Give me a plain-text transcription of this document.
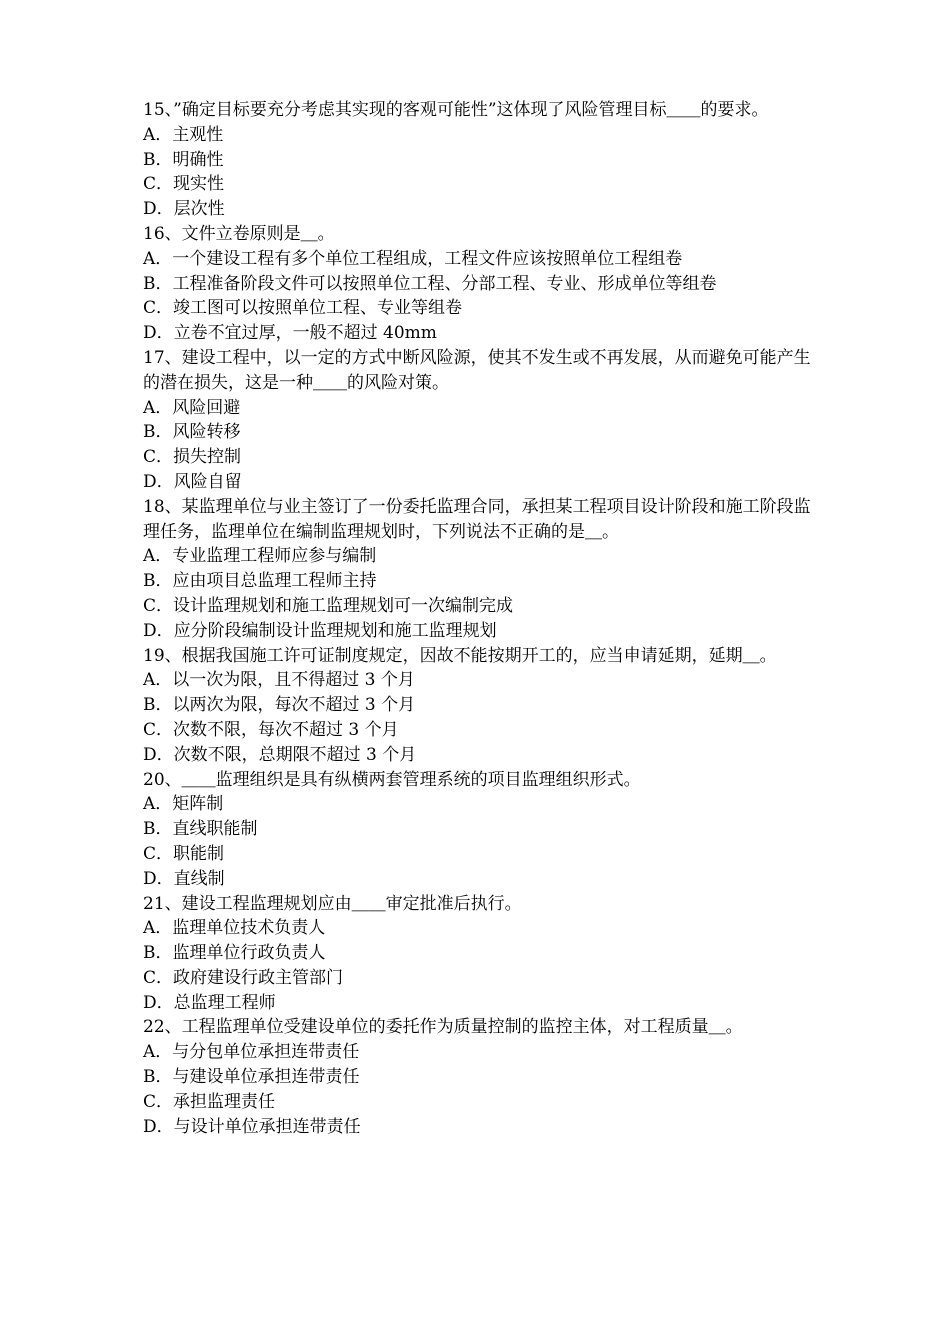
15、”确定目标要充分考虑其实现的客观可能性”这体现了风险管理目标＿＿的要求。

A．主观性

B．明确性

C．现实性

D．层次性

16、文件立卷原则是＿。

A．一个建设工程有多个单位工程组成，工程文件应该按照单位工程组卷

B．工程准备阶段文件可以按照单位工程、分部工程、专业、形成单位等组卷

C．竣工图可以按照单位工程、专业等组卷

D．立卷不宜过厚，一般不超过 40mm

17、建设工程中，以一定的方式中断风险源，使其不发生或不再发展，从而避免可能产生的潜在损失，这是一种＿＿的风险对策。

A．风险回避

B．风险转移

C．损失控制

D．风险自留

18、某监理单位与业主签订了一份委托监理合同，承担某工程项目设计阶段和施工阶段监理任务，监理单位在编制监理规划时，下列说法不正确的是＿。

A．专业监理工程师应参与编制

B．应由项目总监理工程师主持

C．设计监理规划和施工监理规划可一次编制完成

D．应分阶段编制设计监理规划和施工监理规划

19、根据我国施工许可证制度规定，因故不能按期开工的，应当申请延期，延期＿。

A．以一次为限，且不得超过 3 个月

B．以两次为限，每次不超过 3 个月

C．次数不限，每次不超过 3 个月

D．次数不限，总期限不超过 3 个月

20、＿＿监理组织是具有纵横两套管理系统的项目监理组织形式。

A．矩阵制

B．直线职能制

C．职能制

D．直线制

21、建设工程监理规划应由＿＿审定批准后执行。

A．监理单位技术负责人

B．监理单位行政负责人

C．政府建设行政主管部门

D．总监理工程师

22、工程监理单位受建设单位的委托作为质量控制的监控主体，对工程质量＿。

A．与分包单位承担连带责任

B．与建设单位承担连带责任

C．承担监理责任

D．与设计单位承担连带责任
